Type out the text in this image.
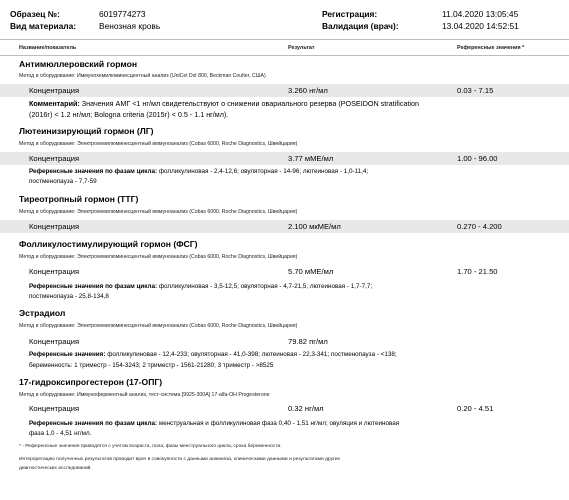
Образец №:	6019774273
Вид материала:	Венозная кровь
Регистрация:	11.04.2020 13:05:45
Валидация (врач):	13.04.2020 14:52:51
Название/показатель	Результат	Референсные значения *
Антимюллеровский гормон
Метод и оборудование: Иммунохемилюминесцентный анализ (UniCel DxI 800, Beckman Coulter, США)
Концентрация	3.260 нг/мл	0.03 - 7.15
Комментарий: Значения АМГ <1 нг/мл свидетельствуют о снижении овариального резерва (POSEIDON stratification
(2016г) < 1.2 нг/мл; Bologna criteria (2015г) < 0.5 - 1.1 нг/мл).
Лютеинизирующий гормон (ЛГ)
Метод и оборудование: Электрохемилюминесцентный иммуноанализ (Cobas 6000, Roche Diagnostics, Швейцария)
Концентрация	3.77 мМЕ/мл	1.00 - 96.00
Референсные значения по фазам цикла: фолликулиновая - 2,4-12,6; овуляторная - 14-96; лютеиновая - 1,0-11,4;
постменопауза - 7,7-59
Тиреотропный гормон (ТТГ)
Метод и оборудование: Электрохемилюминесцентный иммуноанализ (Cobas 6000, Roche Diagnostics, Швейцария)
Концентрация	2.100 мкМЕ/мл	0.270 - 4.200
Фолликулостимулирующий гормон (ФСГ)
Метод и оборудование: Электрохемилюминесцентный иммуноанализ (Cobas 6000, Roche Diagnostics, Швейцария)
Концентрация	5.70 мМЕ/мл	1.70 - 21.50
Референсные значения по фазам цикла: фолликулиновая - 3,5-12,5; овуляторная - 4,7-21,5; лютеиновая - 1,7-7,7;
постменопауза - 25,8-134,8
Эстрадиол
Метод и оборудование: Электрохемилюминесцентный иммуноанализ (Cobas 6000, Roche Diagnostics, Швейцария)
Концентрация	79.82 пг/мл
Референсные значения: фолликулиновая - 12,4-233; овуляторная - 41,0-398; лютеиновая - 22,3-341; постменопауза - <138;
беременность: 1 триместр - 154-3243; 2 триместр - 1561-21280; 3 триместр - >8525
17-гидроксипрогестерон (17-ОПГ)
Метод и оборудование: Иммуноферментный анализ, тест-система [9925-300A] 17-alfa-OH Progesterone
Концентрация	0.32 нг/мл	0.20 - 4.51
Референсные значения по фазам цикла: менструальная и фолликулиновая фаза 0,40 - 1,51 нг/мл; овуляция и лютеиновая
фаза 1,0 - 4,51 нг/мл.
* - Референсные значения приводятся с учетом возраста, пола, фазы менструального цикла, срока беременности.
Интерпретацию полученных результатов проводит врач в совокупности с данными анамнеза, клиническими данными и результатами других
диагностических исследований.
